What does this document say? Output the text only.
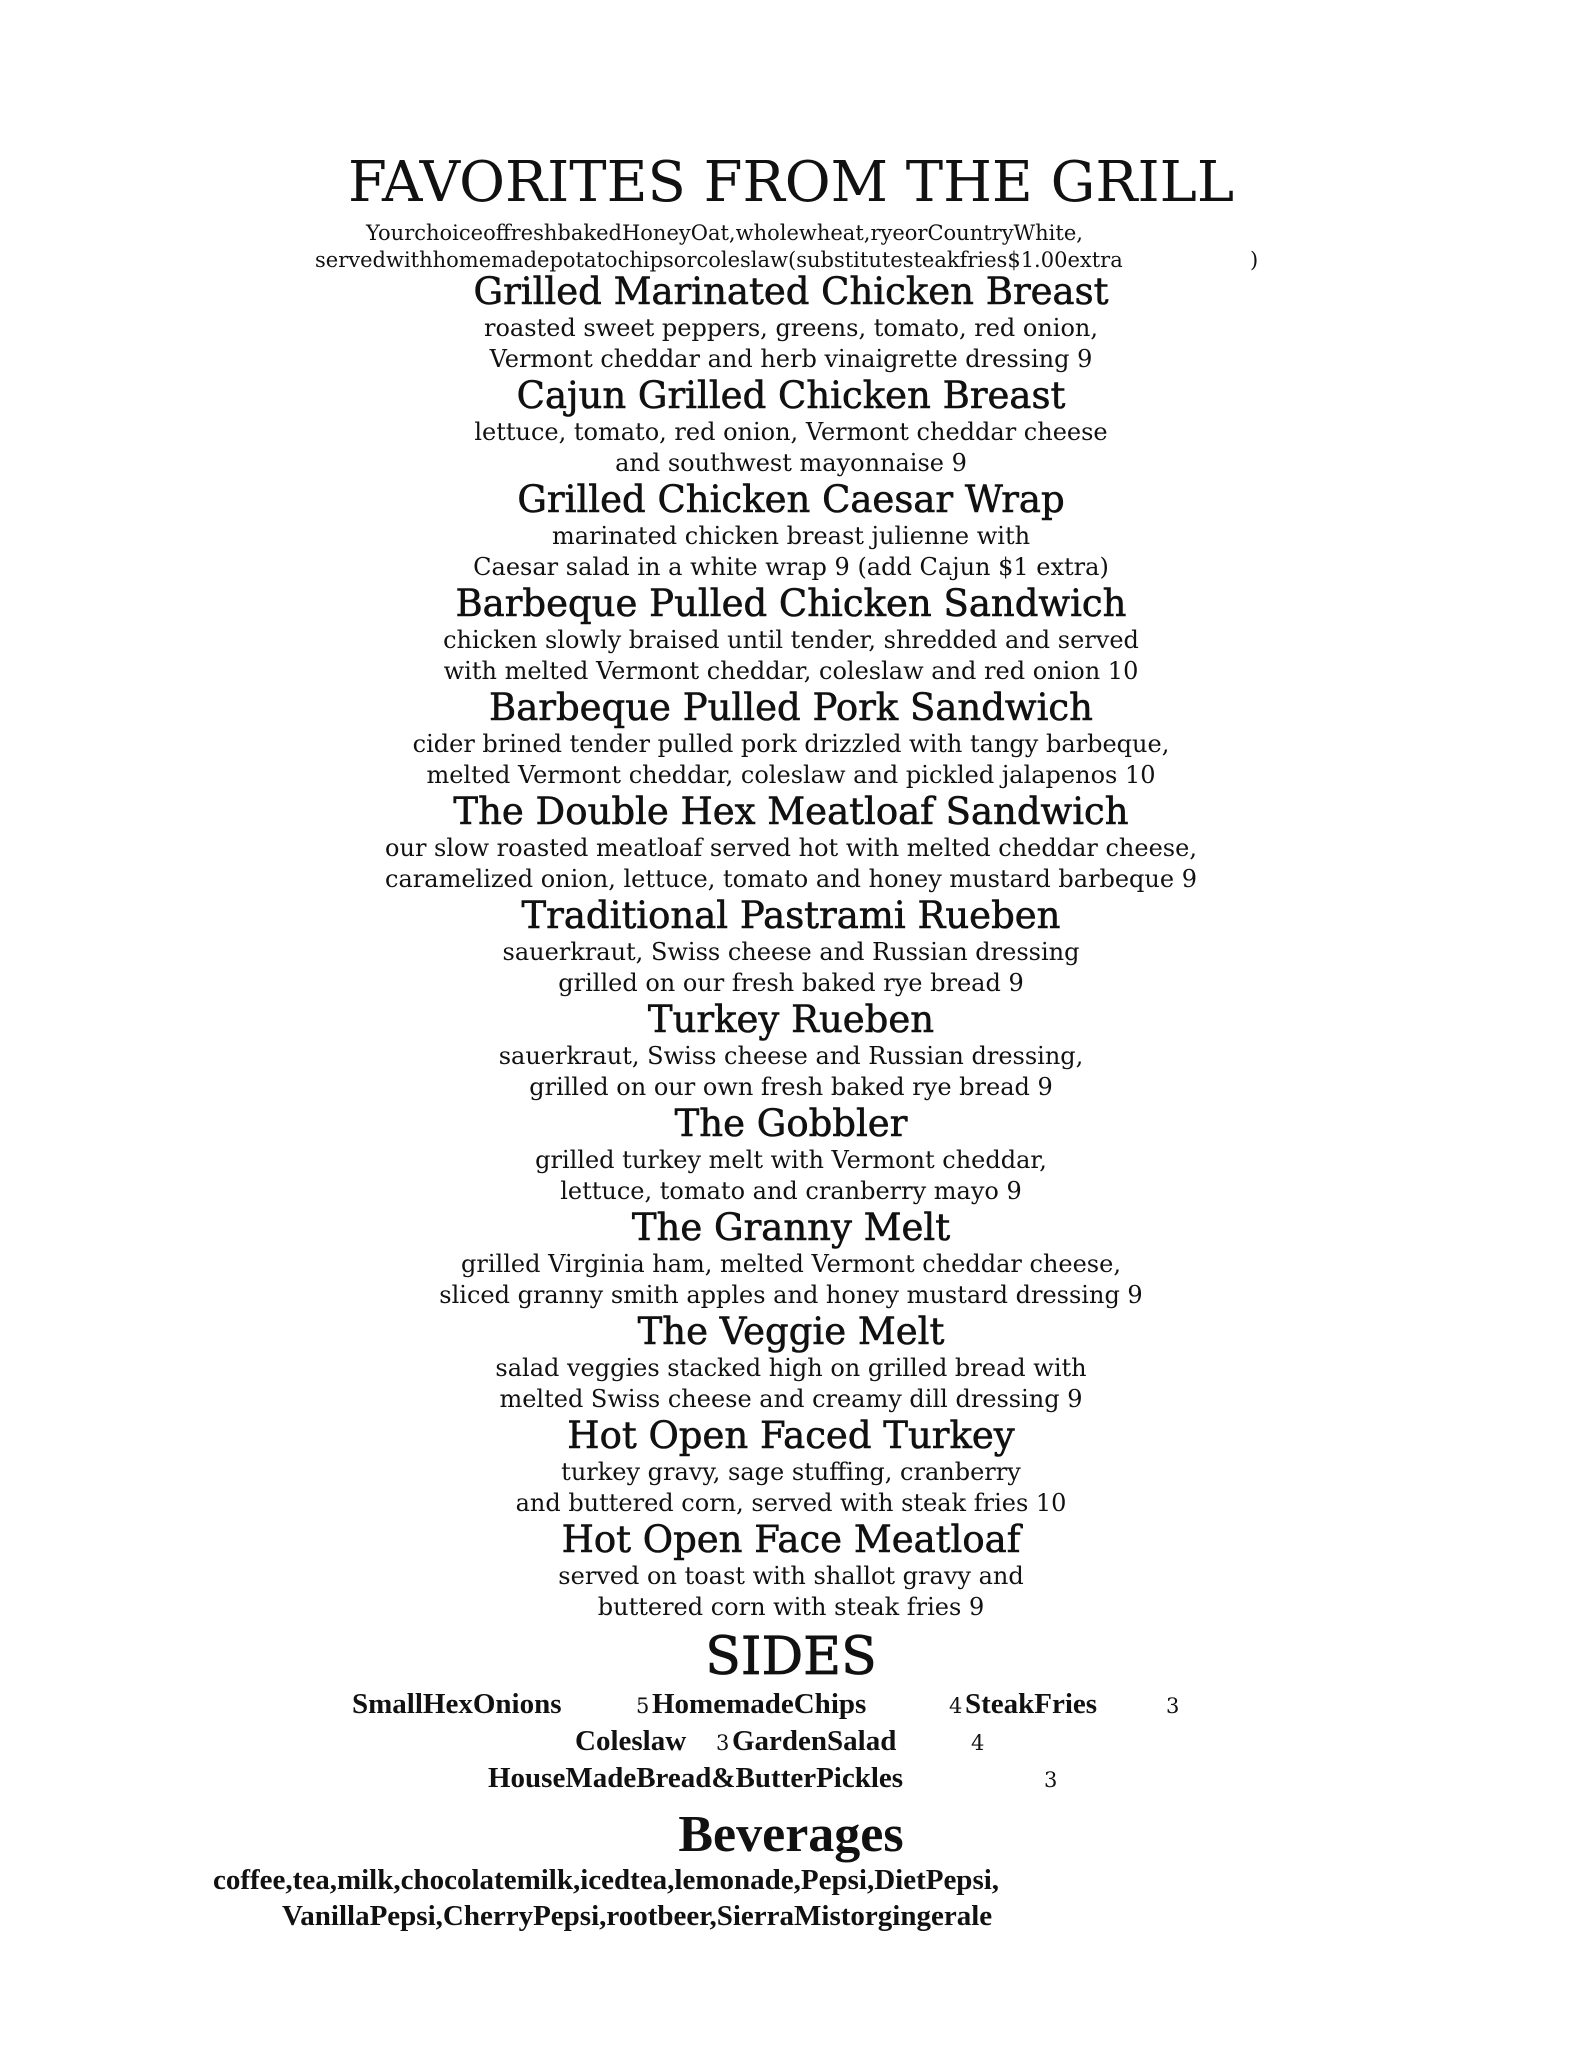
FAVORITES FROM THE GRILL
YourchoiceoffreshbakedHoneyOat,wholewheat,ryeorCountryWhite,
servedwithhomemadepotatochipsorcoleslaw(substitutesteakfries$1.00extra	)
Grilled Marinated Chicken Breast
roasted sweet peppers, greens, tomato, red onion,
Vermont cheddar and herb vinaigrette dressing 9
Cajun Grilled Chicken Breast
lettuce, tomato, red onion, Vermont cheddar cheese
and southwest mayonnaise 9
Grilled Chicken Caesar Wrap
marinated chicken breast julienne with
Caesar salad in a white wrap 9 (add Cajun $1 extra)
Barbeque Pulled Chicken Sandwich
chicken slowly braised until tender, shredded and served
with melted Vermont cheddar, coleslaw and red onion 10
Barbeque Pulled Pork Sandwich
cider brined tender pulled pork drizzled with tangy barbeque,
melted Vermont cheddar, coleslaw and pickled jalapenos 10
The Double Hex Meatloaf Sandwich
our slow roasted meatloaf served hot with melted cheddar cheese,
caramelized onion, lettuce, tomato and honey mustard barbeque 9
Traditional Pastrami Rueben
sauerkraut, Swiss cheese and Russian dressing
grilled on our fresh baked rye bread 9
Turkey Rueben
sauerkraut, Swiss cheese and Russian dressing,
grilled on our own fresh baked rye bread 9
The Gobbler
grilled turkey melt with Vermont cheddar,
lettuce, tomato and cranberry mayo 9
The Granny Melt
grilled Virginia ham, melted Vermont cheddar cheese,
sliced granny smith apples and honey mustard dressing 9
The Veggie Melt
salad veggies stacked high on grilled bread with
melted Swiss cheese and creamy dill dressing 9
Hot Open Faced Turkey
turkey gravy, sage stuffing, cranberry
and buttered corn, served with steak fries 10
Hot Open Face Meatloaf
served on toast with shallot gravy and
buttered corn with steak fries 9
SIDES
SmallHexOnions	5 HomemadeChips	4 SteakFries	3
Coleslaw 3 GardenSalad	4
HouseMadeBread&ButterPickles	3
Beverages
coffee,tea,milk,chocolatemilk,icedtea,lemonade,Pepsi,DietPepsi,
VanillaPepsi,CherryPepsi,rootbeer,SierraMistorgingerale
